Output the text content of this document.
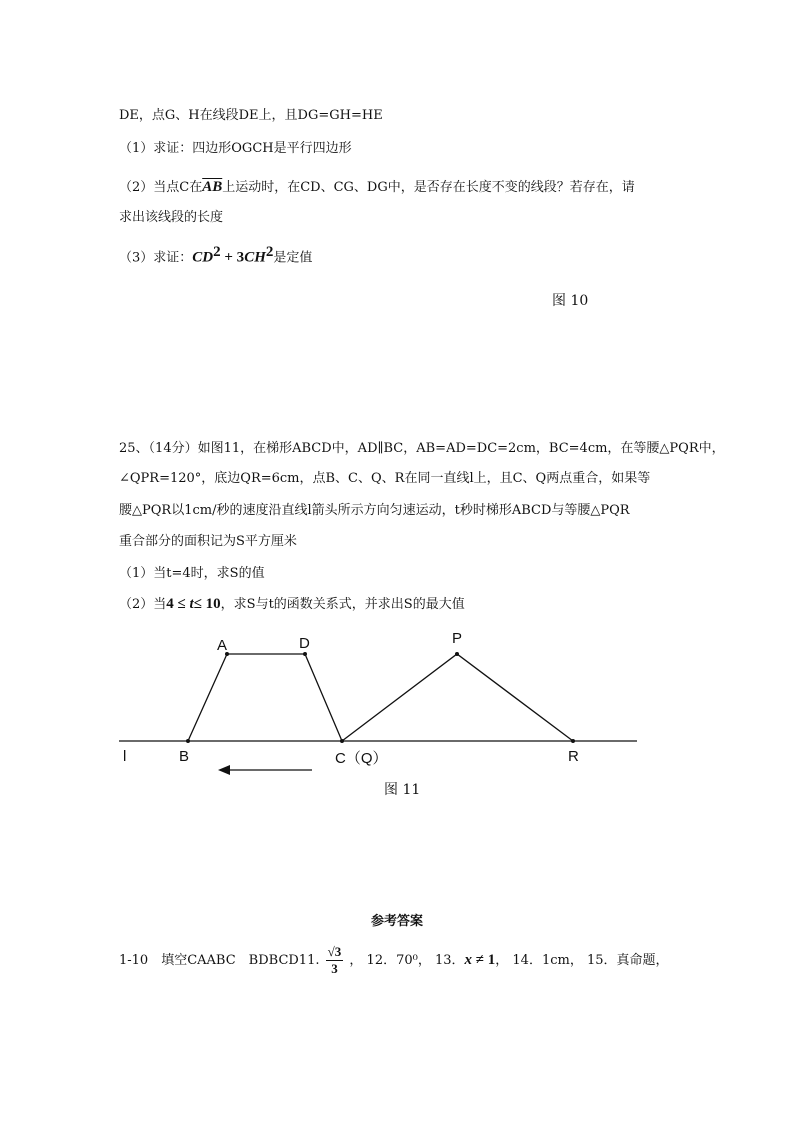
DE，点G、H在线段DE上，且DG=GH=HE
（1）求证：四边形OGCH是平行四边形
（2）当点C在$\overline{AB}$上运动时，在CD、CG、DG中，是否存在长度不变的线段？若存在，请
求出该线段的长度
（3）求证：$CD^2 + 3CH^2$是定值
图 10
25、（14分）如图11，在梯形ABCD中，AD∥BC，AB=AD=DC=2cm，BC=4cm，在等腰△PQR中，
∠QPR=120°，底边QR=6cm，点B、C、Q、R在同一直线l上，且C、Q两点重合，如果等
腰△PQR以1cm/秒的速度沿直线l箭头所示方向匀速运动，t秒时梯形ABCD与等腰△PQR
重合部分的面积记为S平方厘米
（1）当t=4时，求S的值
（2）当4 ≤ t≤ 10，求S与t的函数关系式，并求出S的最大值
A	D	P
l	B	C（Q）	R
图 11
参考答案
1-10　填空CAABC　BDBCD11. $\frac{√3}{3}$ ， 12．70⁰， 13．x ≠ 1， 14．1cm， 15．真命题，
